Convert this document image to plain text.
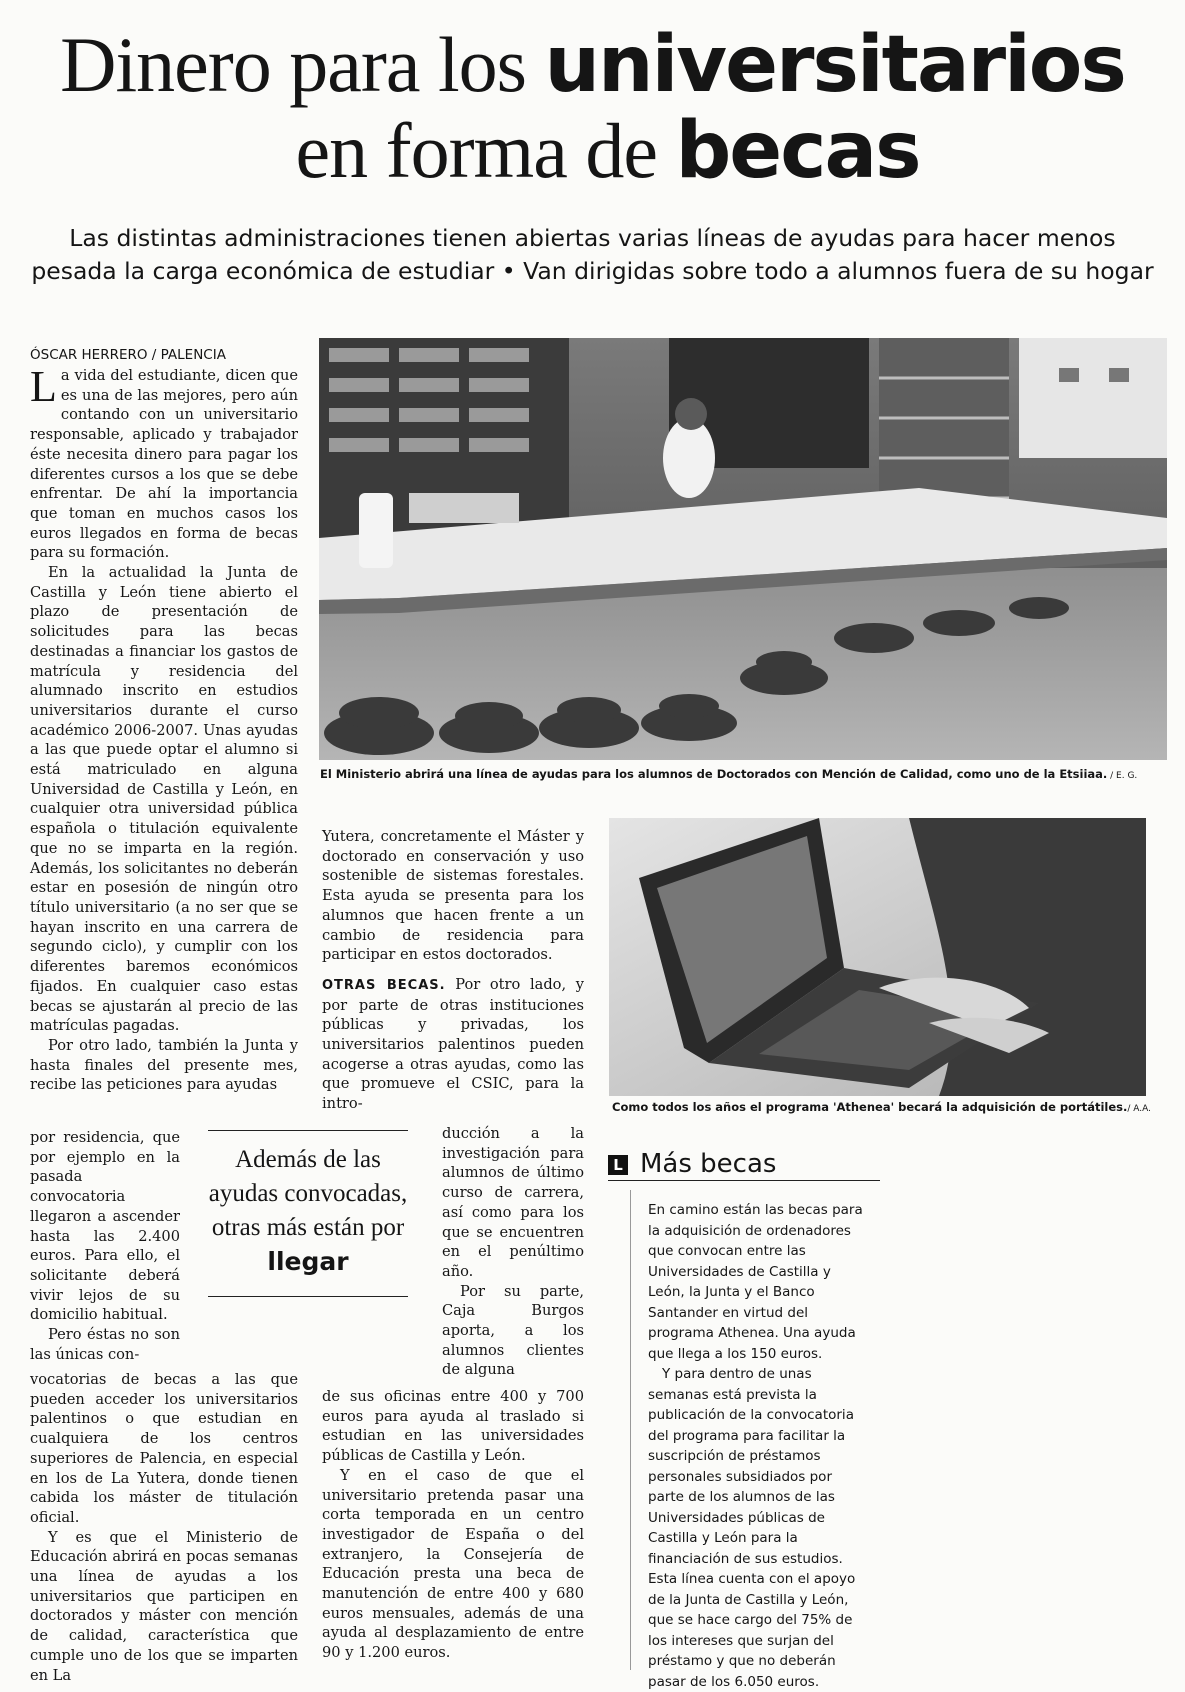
Dinero para los universitarios
en forma de becas
Las distintas administraciones tienen abiertas varias líneas de ayudas para hacer menos
pesada la carga económica de estudiar • Van dirigidas sobre todo a alumnos fuera de su hogar
ÓSCAR HERRERO / PALENCIA
El Ministerio abrirá una línea de ayudas para los alumnos de Doctorados con Mención de Calidad, como uno de la Etsiiaa. / E. G.
Como todos los años el programa 'Athenea' becará la adquisición de portátiles./ A.A.

La vida del estudiante, dicen que es una de las mejores, pero aún contando con un universitario responsable, aplicado y trabajador éste necesita dinero para pagar los diferentes cursos a los que se debe enfrentar. De ahí la importancia que toman en muchos casos los euros llegados en forma de becas para su formación.

En la actualidad la Junta de Castilla y León tiene abierto el plazo de presentación de solicitudes para las becas destinadas a financiar los gastos de matrícula y residencia del alumnado inscrito en estudios universitarios durante el curso académico 2006-2007. Unas ayudas a las que puede optar el alumno si está matriculado en alguna Universidad de Castilla y León, en cualquier otra universidad pública española o titulación equivalente que no se imparta en la región. Además, los solicitantes no deberán estar en posesión de ningún otro título universitario (a no ser que se hayan inscrito en una carrera de segundo ciclo), y cumplir con los diferentes baremos económicos fijados. En cualquier caso estas becas se ajustarán al precio de las matrículas pagadas.

Por otro lado, también la Junta y hasta finales del presente mes, recibe las peticiones para ayudas

por residencia, que por ejemplo en la pasada convocatoria llegaron a ascender hasta las 2.400 euros. Para ello, el solicitante deberá vivir lejos de su domicilio habitual.

Pero éstas no son las únicas con-

vocatorias de becas a las que pueden acceder los universitarios palentinos o que estudian en cualquiera de los centros superiores de Palencia, en especial en los de La Yutera, donde tienen cabida los máster de titulación oficial.

Y es que el Ministerio de Educación abrirá en pocas semanas una línea de ayudas a los universitarios que participen en doctorados y máster con mención de calidad, característica que cumple uno de los que se imparten en La

Además de las ayudas convocadas, otras más están por llegar

Yutera, concretamente el Máster y doctorado en conservación y uso sostenible de sistemas forestales. Esta ayuda se presenta para los alumnos que hacen frente a un cambio de residencia para participar en estos doctorados.

OTRAS BECAS. Por otro lado, y por parte de otras instituciones públicas y privadas, los universitarios palentinos pueden acogerse a otras ayudas, como las que promueve el CSIC, para la intro-

ducción a la investigación para alumnos de último curso de carrera, así como para los que se encuentren en el penúltimo año.

Por su parte, Caja Burgos aporta, a los alumnos clientes de alguna

de sus oficinas entre 400 y 700 euros para ayuda al traslado si estudian en las universidades públicas de Castilla y León.

Y en el caso de que el universitario pretenda pasar una corta temporada en un centro investigador de España o del extranjero, la Consejería de Educación presta una beca de manutención de entre 400 y 680 euros mensuales, además de una ayuda al desplazamiento de entre 90 y 1.200 euros.

L Más becas

En camino están las becas para la adquisición de ordenadores que convocan entre las Universidades de Castilla y León, la Junta y el Banco Santander en virtud del programa Athenea. Una ayuda que llega a los 150 euros.

Y para dentro de unas semanas está prevista la publicación de la convocatoria del programa para facilitar la suscripción de préstamos personales subsidiados por parte de los alumnos de las Universidades públicas de Castilla y León para la financiación de sus estudios. Esta línea cuenta con el apoyo de la Junta de Castilla y León, que se hace cargo del 75% de los intereses que surjan del préstamo y que no deberán pasar de los 6.050 euros.
